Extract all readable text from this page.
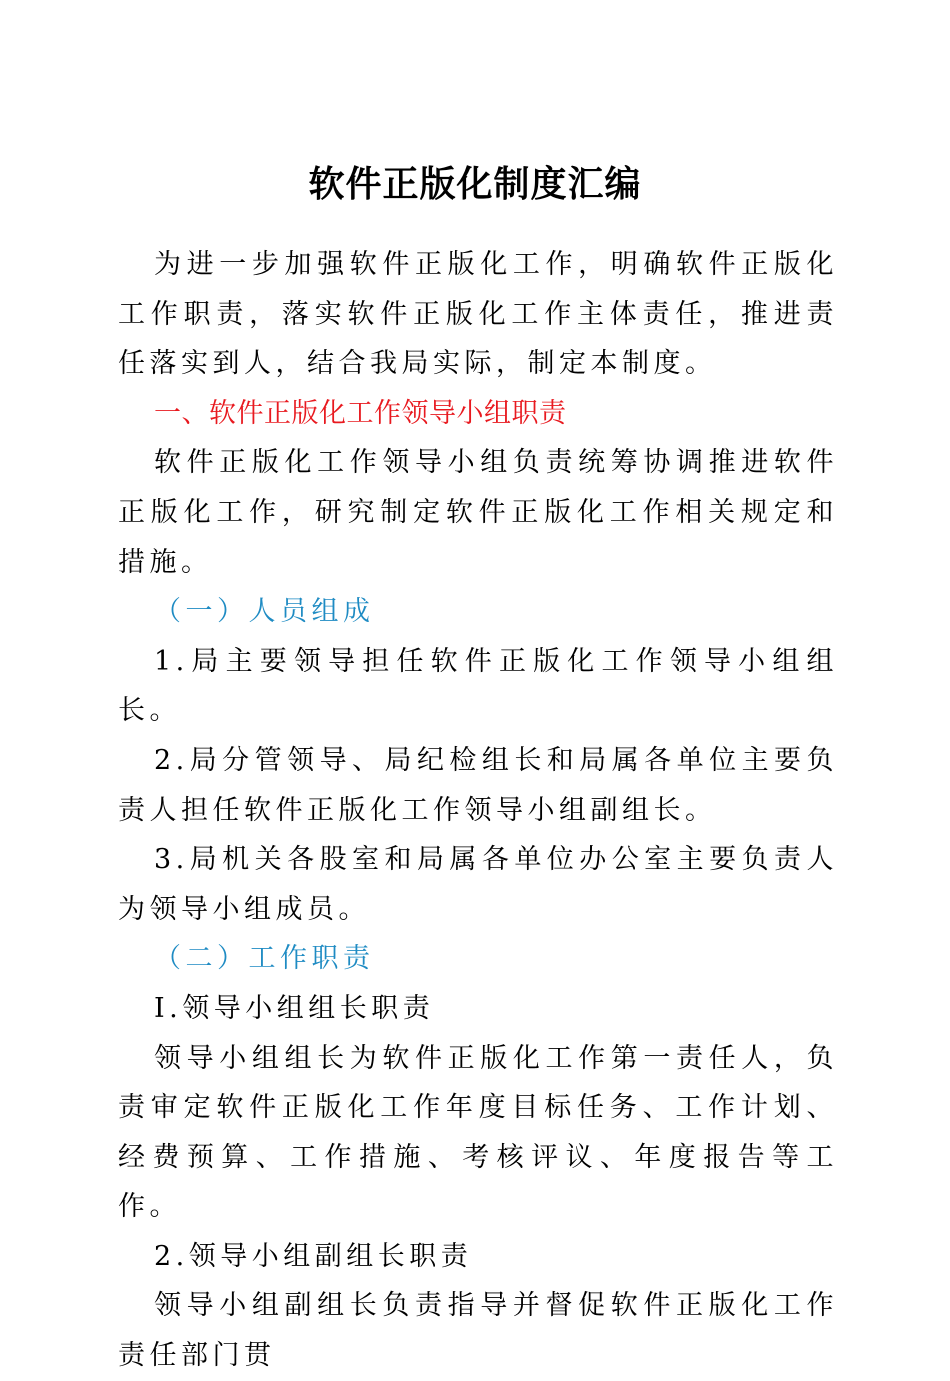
软件正版化制度汇编

为进一步加强软件正版化工作，明确软件正版化工作职责，落实软件正版化工作主体责任，推进责任落实到人，结合我局实际，制定本制度。

一、软件正版化工作领导小组职责

软件正版化工作领导小组负责统筹协调推进软件正版化工作，研究制定软件正版化工作相关规定和措施。

（一）人员组成

1.局主要领导担任软件正版化工作领导小组组长。

2.局分管领导、局纪检组长和局属各单位主要负责人担任软件正版化工作领导小组副组长。

3.局机关各股室和局属各单位办公室主要负责人为领导小组成员。

（二）工作职责

I.领导小组组长职责

领导小组组长为软件正版化工作第一责任人，负责审定软件正版化工作年度目标任务、工作计划、经费预算、工作措施、考核评议、年度报告等工作。

2.领导小组副组长职责

领导小组副组长负责指导并督促软件正版化工作责任部门贯
